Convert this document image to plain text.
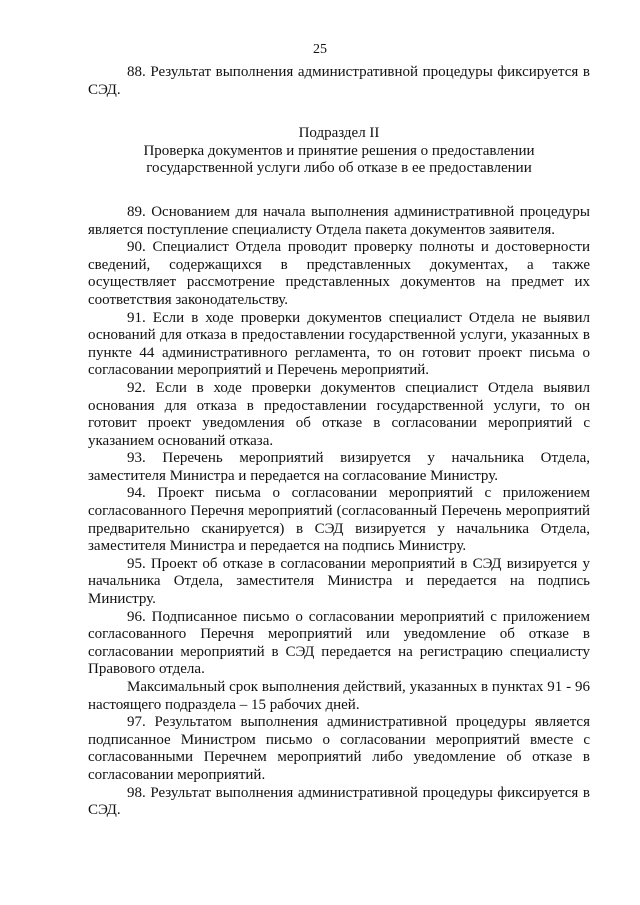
25

88. Результат выполнения административной процедуры фиксируется в СЭД.

Подраздел II
Проверка документов и принятие решения о предоставлении
государственной услуги либо об отказе в ее предоставлении

89. Основанием для начала выполнения административной процедуры является поступление специалисту Отдела пакета документов заявителя.

90. Специалист Отдела проводит проверку полноты и достоверности сведений, содержащихся в представленных документах, а также осуществляет рассмотрение представленных документов на предмет их соответствия законодательству.

91. Если в ходе проверки документов специалист Отдела не выявил оснований для отказа в предоставлении государственной услуги, указанных в пункте 44 административного регламента, то он готовит проект письма о согласовании мероприятий и Перечень мероприятий.

92. Если в ходе проверки документов специалист Отдела выявил основания для отказа в предоставлении государственной услуги, то он готовит проект уведомления об отказе в согласовании мероприятий с указанием оснований отказа.

93. Перечень мероприятий визируется у начальника Отдела, заместителя Министра и передается на согласование Министру.

94. Проект письма о согласовании мероприятий с приложением согласованного Перечня мероприятий (согласованный Перечень мероприятий предварительно сканируется) в СЭД визируется у начальника Отдела, заместителя Министра и передается на подпись Министру.

95. Проект об отказе в согласовании мероприятий в СЭД визируется у начальника Отдела, заместителя Министра и передается на подпись Министру.

96. Подписанное письмо о согласовании мероприятий с приложением согласованного Перечня мероприятий или уведомление об отказе в согласовании мероприятий в СЭД передается на регистрацию специалисту Правового отдела.

Максимальный срок выполнения действий, указанных в пунктах 91 - 96 настоящего подраздела – 15 рабочих дней.

97. Результатом выполнения административной процедуры является подписанное Министром письмо о согласовании мероприятий вместе с согласованными Перечнем мероприятий либо уведомление об отказе в согласовании мероприятий.

98. Результат выполнения административной процедуры фиксируется в СЭД.
